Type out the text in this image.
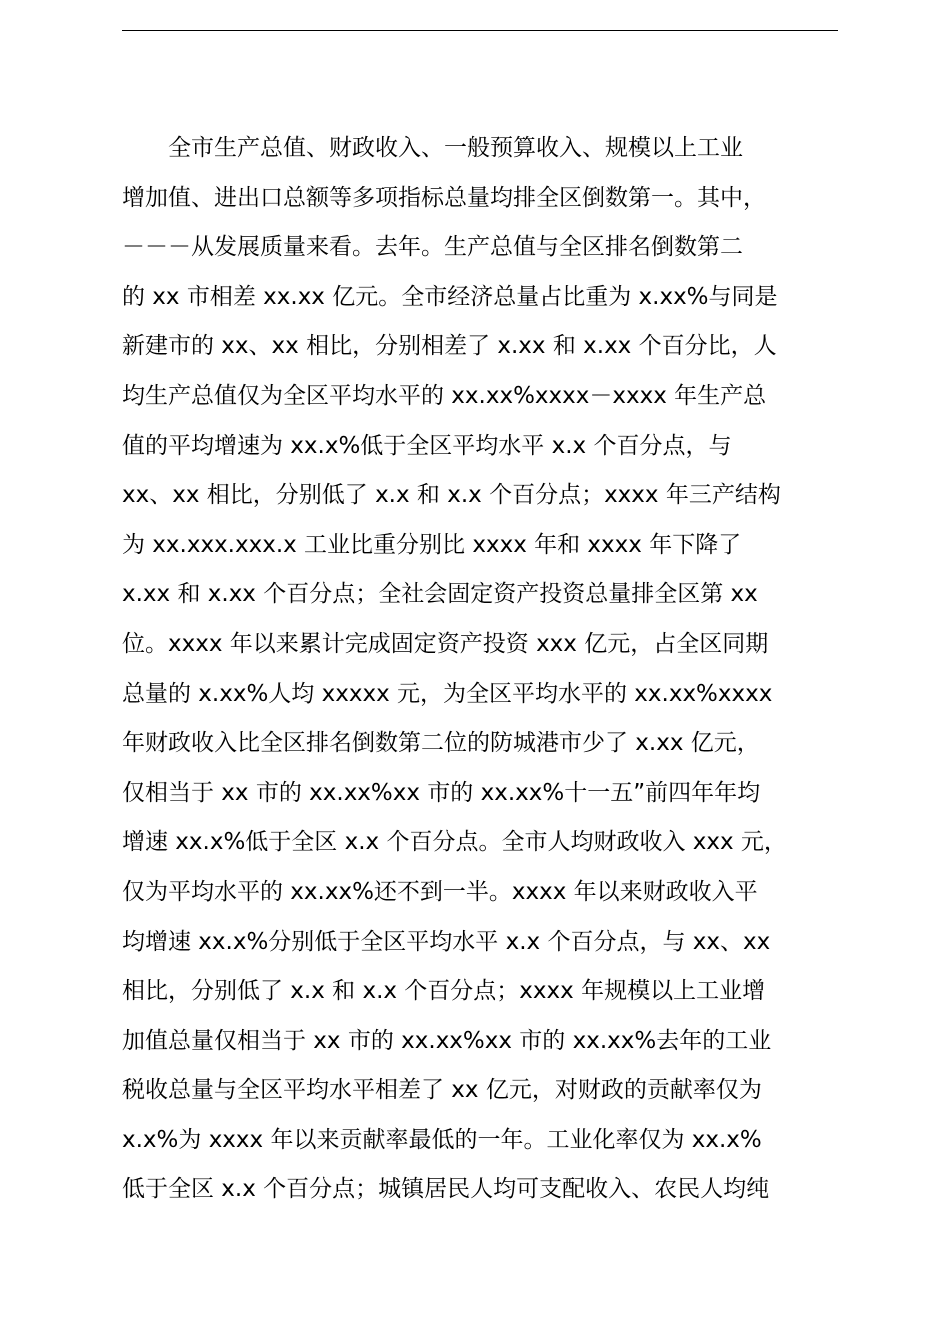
　　全市生产总值、财政收入、一般预算收入、规模以上工业
增加值、进出口总额等多项指标总量均排全区倒数第一。其中，
－－－从发展质量来看。去年。生产总值与全区排名倒数第二
的 xx 市相差 xx.xx 亿元。全市经济总量占比重为 x.xx%与同是
新建市的 xx、xx 相比，分别相差了 x.xx 和 x.xx 个百分比，人
均生产总值仅为全区平均水平的 xx.xx%xxxx－xxxx 年生产总
值的平均增速为 xx.x%低于全区平均水平 x.x 个百分点，与
xx、xx 相比，分别低了 x.x 和 x.x 个百分点；xxxx 年三产结构
为 xx.xxx.xxx.x 工业比重分别比 xxxx 年和 xxxx 年下降了
x.xx 和 x.xx 个百分点；全社会固定资产投资总量排全区第 xx
位。xxxx 年以来累计完成固定资产投资 xxx 亿元，占全区同期
总量的 x.xx%人均 xxxxx 元，为全区平均水平的 xx.xx%xxxx
年财政收入比全区排名倒数第二位的防城港市少了 x.xx 亿元，
仅相当于 xx 市的 xx.xx%xx 市的 xx.xx%十一五”前四年年均
增速 xx.x%低于全区 x.x 个百分点。全市人均财政收入 xxx 元，
仅为平均水平的 xx.xx%还不到一半。xxxx 年以来财政收入平
均增速 xx.x%分别低于全区平均水平 x.x 个百分点，与 xx、xx
相比，分别低了 x.x 和 x.x 个百分点；xxxx 年规模以上工业增
加值总量仅相当于 xx 市的 xx.xx%xx 市的 xx.xx%去年的工业
税收总量与全区平均水平相差了 xx 亿元，对财政的贡献率仅为
x.x%为 xxxx 年以来贡献率最低的一年。工业化率仅为 xx.x%
低于全区 x.x 个百分点；城镇居民人均可支配收入、农民人均纯
